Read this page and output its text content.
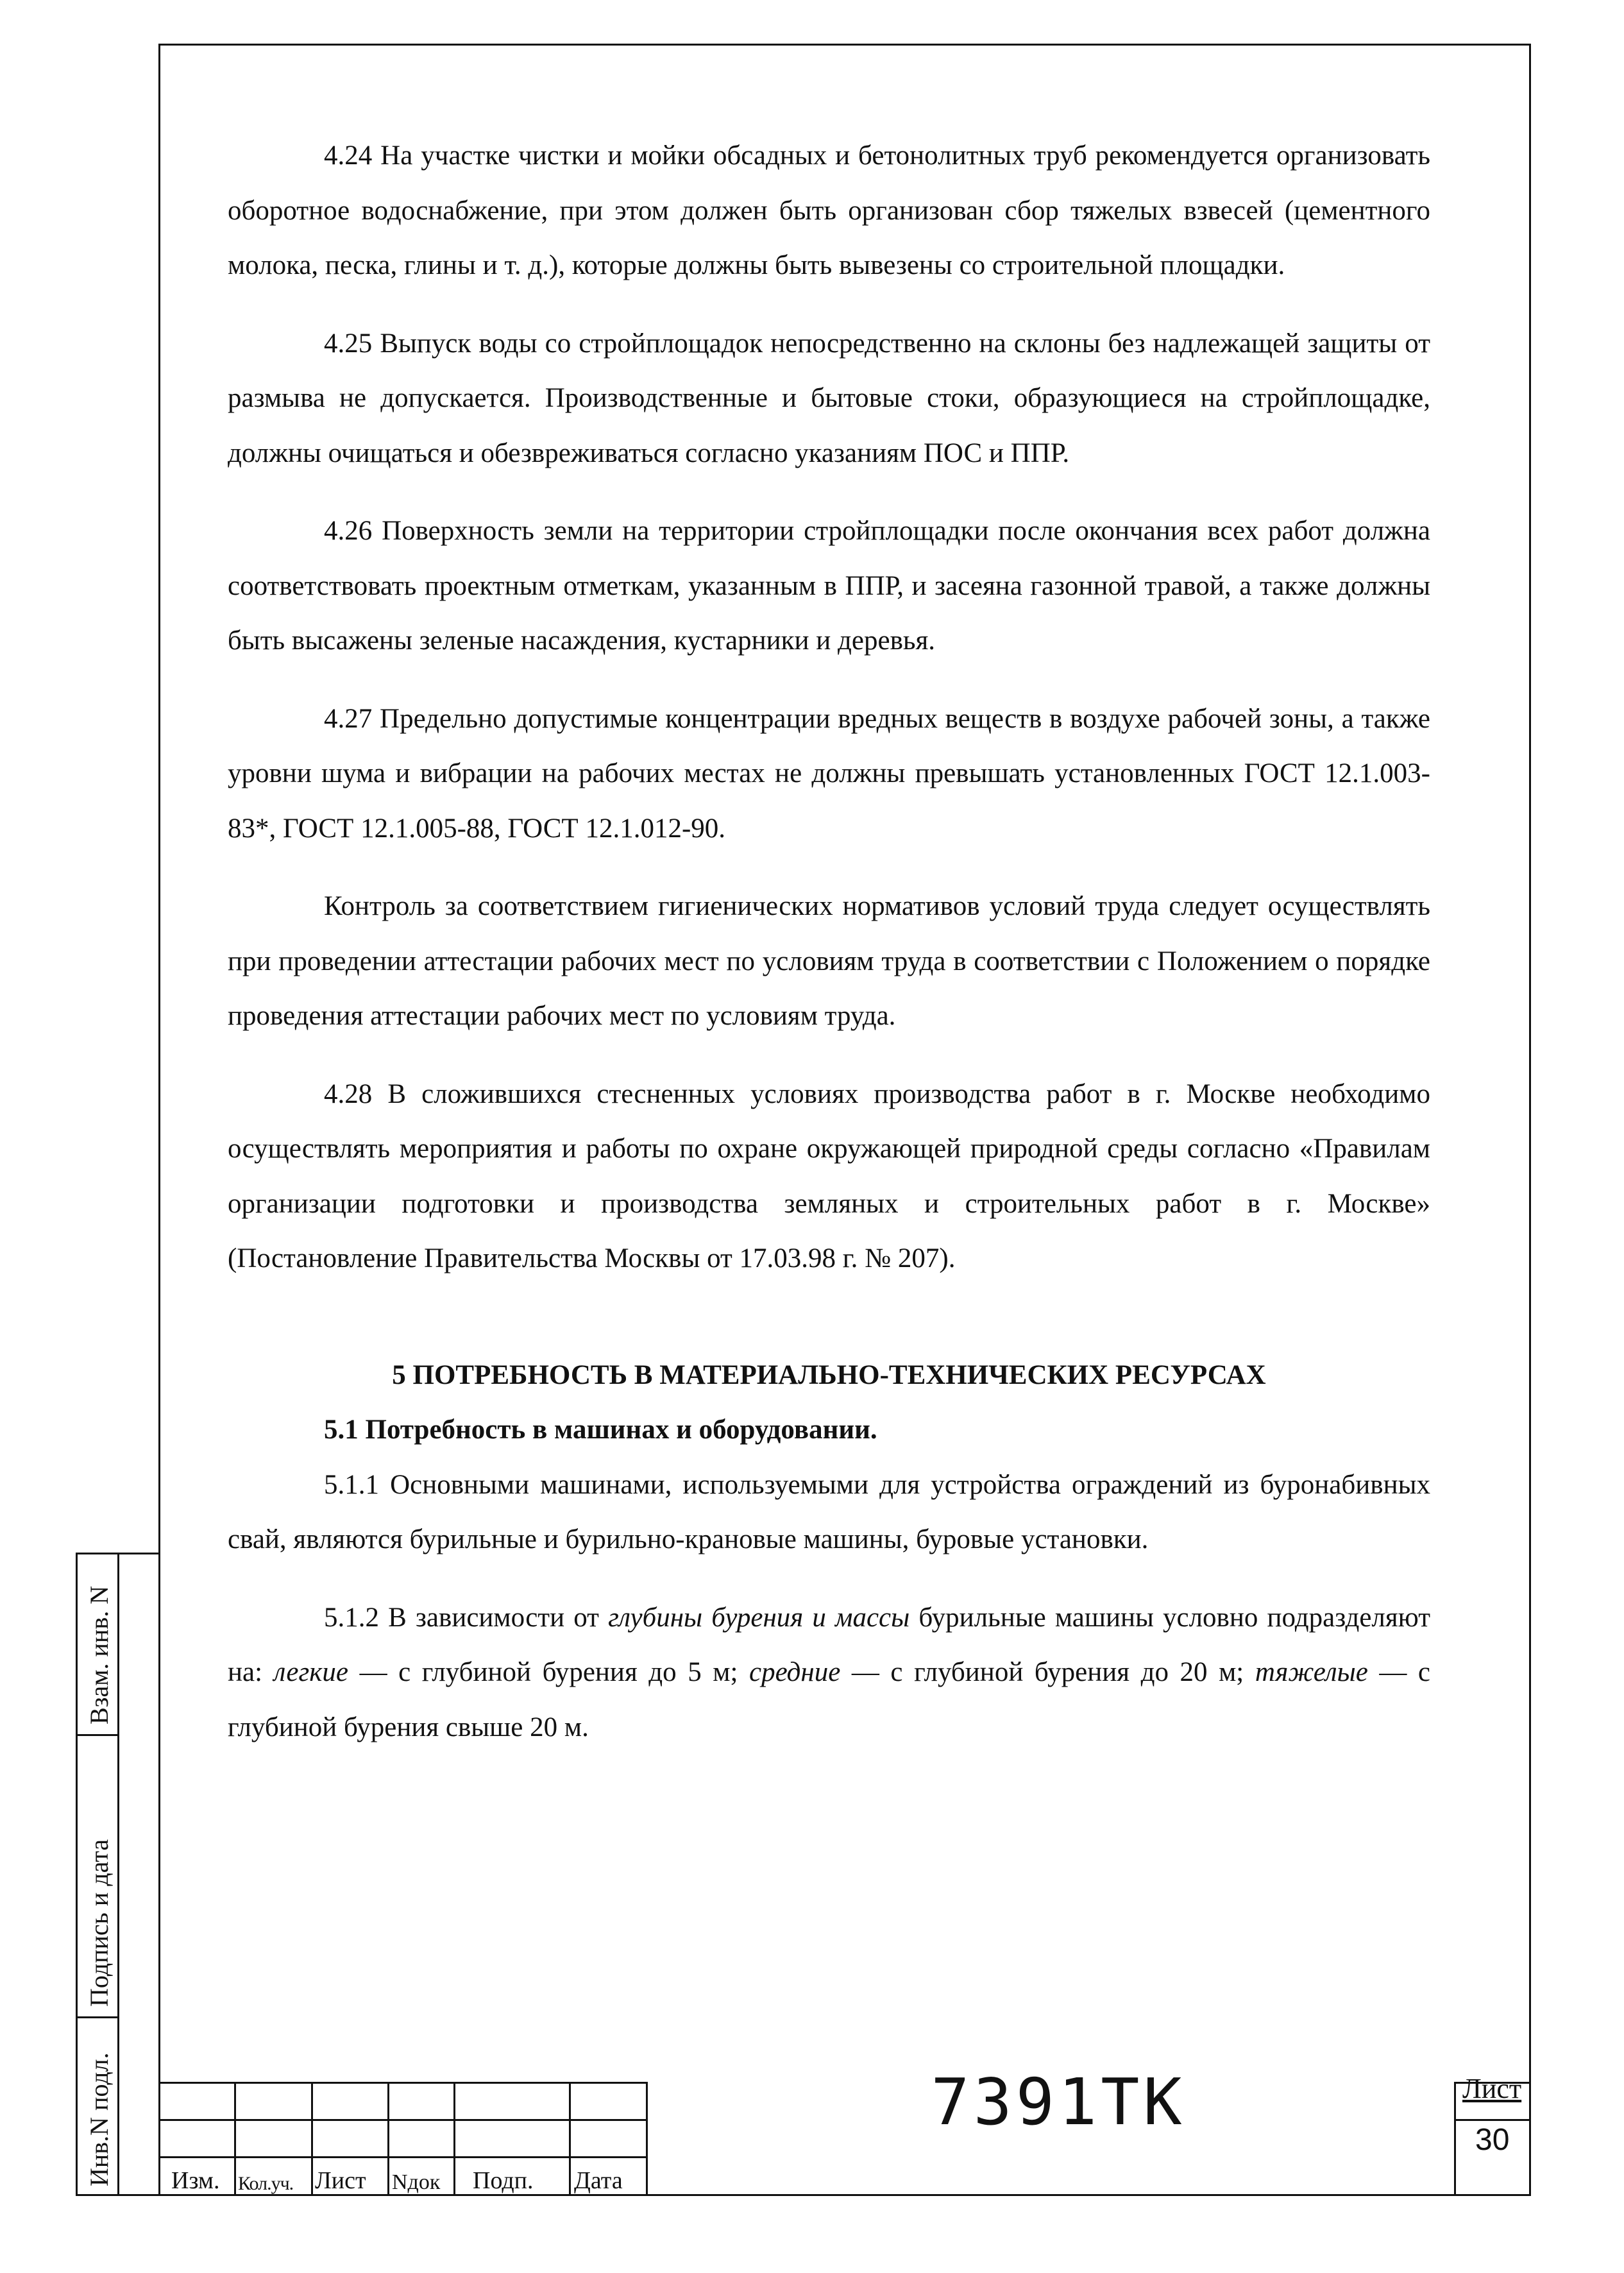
4.24 На участке чистки и мойки обсадных и бетонолитных труб рекомендуется организовать оборотное водоснабжение, при этом должен быть организован сбор тяжелых взвесей (цементного молока, песка, глины и т. д.), которые должны быть вывезены со строительной площадки.

4.25 Выпуск воды со стройплощадок непосредственно на склоны без надлежащей защиты от размыва не допускается. Производственные и бытовые стоки, образующиеся на стройплощадке, должны очищаться и обезвреживаться согласно указаниям ПОС и ППР.

4.26 Поверхность земли на территории стройплощадки после окончания всех работ должна соответствовать проектным отметкам, указанным в ППР, и засеяна газонной травой, а также должны быть высажены зеленые насаждения, кустарники и деревья.

4.27 Предельно допустимые концентрации вредных веществ в воздухе рабочей зоны, а также уровни шума и вибрации на рабочих местах не должны превышать установленных ГОСТ 12.1.003-83*, ГОСТ 12.1.005-88, ГОСТ 12.1.012-90.

Контроль за соответствием гигиенических нормативов условий труда следует осуществлять при проведении аттестации рабочих мест по условиям труда в соответствии с Положением о порядке проведения аттестации рабочих мест по условиям труда.

4.28 В сложившихся стесненных условиях производства работ в г. Москве необходимо осуществлять мероприятия и работы по охране окружающей природной среды согласно «Правилам организации подготовки и производства земляных и строительных работ в г. Москве» (Постановление Правительства Москвы от 17.03.98 г. № 207).

5 ПОТРЕБНОСТЬ В МАТЕРИАЛЬНО-ТЕХНИЧЕСКИХ РЕСУРСАХ

5.1 Потребность в машинах и оборудовании.

5.1.1 Основными машинами, используемыми для устройства ограждений из буронабивных свай, являются бурильные и бурильно-крановые машины, буровые установки.

5.1.2 В зависимости от глубины бурения и массы бурильные машины условно подразделяют на: легкие — с глубиной бурения до 5 м; средние — с глубиной бурения до 20 м; тяжелые — с глубиной бурения свыше 20 м.

Взам. инв. N
Подпись и дата
Инв.N подл. Изм. Кол.уч. Лист Nдок Подп. Дата
7391ТК	Лист
30
